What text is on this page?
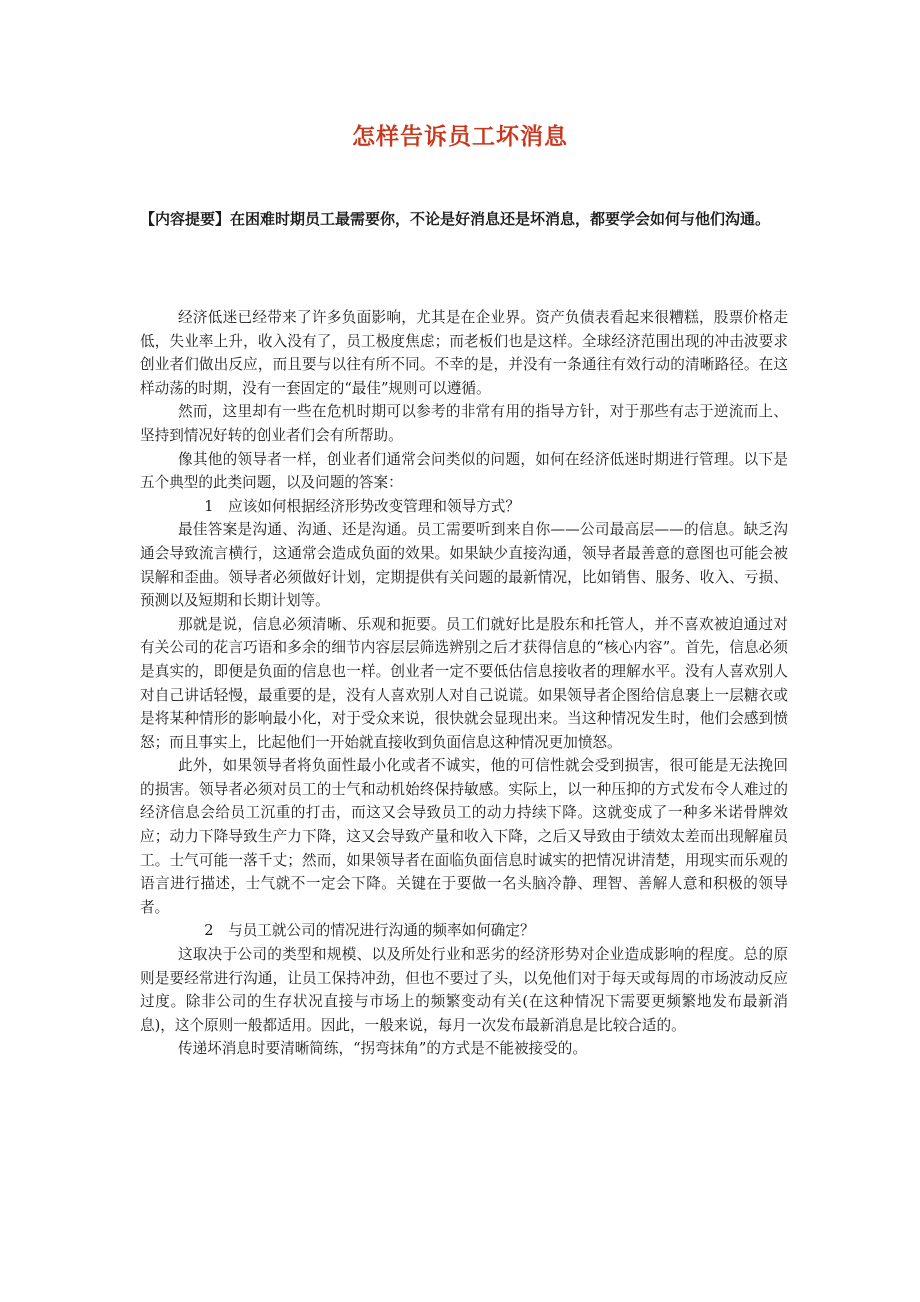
怎样告诉员工坏消息
【内容提要】 在困难时期员工最需要你，不论是好消息还是坏消息，都要学会如何与他们沟通。

经济低迷已经带来了许多负面影响，尤其是在企业界。资产负债表看起来很糟糕，股票价格走低，失业率上升，收入没有了，员工极度焦虑；而老板们也是这样。全球经济范围出现的冲击波要求创业者们做出反应，而且要与以往有所不同。不幸的是，并没有一条通往有效行动的清晰路径。在这样动荡的时期，没有一套固定的“最佳”规则可以遵循。

然而，这里却有一些在危机时期可以参考的非常有用的指导方针，对于那些有志于逆流而上、坚持到情况好转的创业者们会有所帮助。

像其他的领导者一样，创业者们通常会问类似的问题，如何在经济低迷时期进行管理。以下是五个典型的此类问题，以及问题的答案：

1　应该如何根据经济形势改变管理和领导方式？

最佳答案是沟通、沟通、还是沟通。员工需要听到来自你——公司最高层——的信息。缺乏沟通会导致流言横行，这通常会造成负面的效果。如果缺少直接沟通，领导者最善意的意图也可能会被误解和歪曲。领导者必须做好计划，定期提供有关问题的最新情况，比如销售、服务、收入、亏损、预测以及短期和长期计划等。

那就是说，信息必须清晰、乐观和扼要。员工们就好比是股东和托管人，并不喜欢被迫通过对有关公司的花言巧语和多余的细节内容层层筛选辨别之后才获得信息的“核心内容”。首先，信息必须是真实的，即便是负面的信息也一样。创业者一定不要低估信息接收者的理解水平。没有人喜欢别人对自己讲话轻慢，最重要的是，没有人喜欢别人对自己说谎。如果领导者企图给信息裹上一层糖衣或是将某种情形的影响最小化，对于受众来说，很快就会显现出来。当这种情况发生时，他们会感到愤怒；而且事实上，比起他们一开始就直接收到负面信息这种情况更加愤怒。

此外，如果领导者将负面性最小化或者不诚实，他的可信性就会受到损害，很可能是无法挽回的损害。领导者必须对员工的士气和动机始终保持敏感。实际上，以一种压抑的方式发布令人难过的经济信息会给员工沉重的打击，而这又会导致员工的动力持续下降。这就变成了一种多米诺骨牌效应；动力下降导致生产力下降，这又会导致产量和收入下降，之后又导致由于绩效太差而出现解雇员工。士气可能一落千丈；然而，如果领导者在面临负面信息时诚实的把情况讲清楚，用现实而乐观的语言进行描述，士气就不一定会下降。关键在于要做一名头脑冷静、理智、善解人意和积极的领导者。

2　与员工就公司的情况进行沟通的频率如何确定？

这取决于公司的类型和规模、以及所处行业和恶劣的经济形势对企业造成影响的程度。总的原则是要经常进行沟通，让员工保持冲劲，但也不要过了头，以免他们对于每天或每周的市场波动反应过度。除非公司的生存状况直接与市场上的频繁变动有关(在这种情况下需要更频繁地发布最新消息)，这个原则一般都适用。因此，一般来说，每月一次发布最新消息是比较合适的。

传递坏消息时要清晰简练，“拐弯抹角”的方式是不能被接受的。
